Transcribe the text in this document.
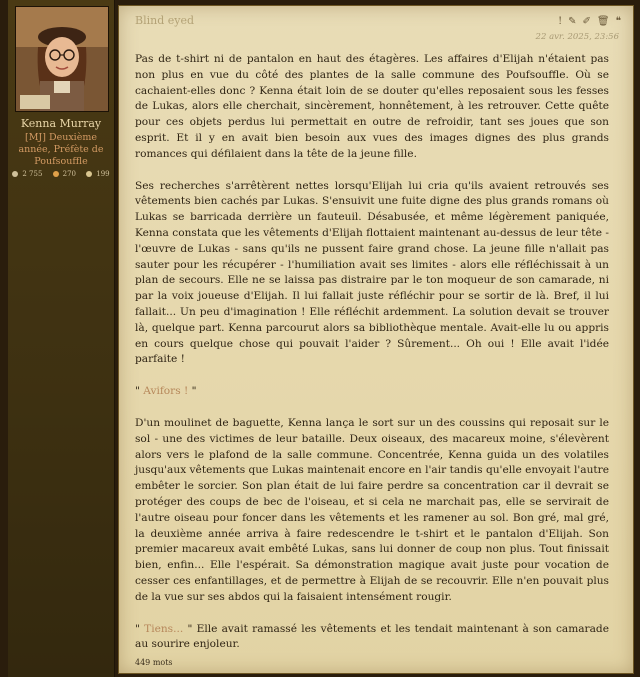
Kenna Murray
[MJ] Deuxième année, Préfète de Poufsouffle
2 755	270	199
Blind eyed	! ✎ ✐ 🗑 ❝
22 avr. 2025, 23:56

Pas de t-shirt ni de pantalon en haut des étagères. Les affaires d'Elijah n'étaient pas non plus en vue du côté des plantes de la salle commune des Poufsouffle. Où se cachaient-elles donc ? Kenna était loin de se douter qu'elles reposaient sous les fesses de Lukas, alors elle cherchait, sincèrement, honnêtement, à les retrouver. Cette quête pour ces objets perdus lui permettait en outre de refroidir, tant ses joues que son esprit. Et il y en avait bien besoin aux vues des images dignes des plus grands romances qui défilaient dans la tête de la jeune fille.

Ses recherches s'arrêtèrent nettes lorsqu'Elijah lui cria qu'ils avaient retrouvés ses vêtements bien cachés par Lukas. S'ensuivit une fuite digne des plus grands romans où Lukas se barricada derrière un fauteuil. Désabusée, et même légèrement paniquée, Kenna constata que les vêtements d'Elijah flottaient maintenant au-dessus de leur tête - l'œuvre de Lukas - sans qu'ils ne pussent faire grand chose. La jeune fille n'allait pas sauter pour les récupérer - l'humiliation avait ses limites - alors elle réfléchissait à un plan de secours. Elle ne se laissa pas distraire par le ton moqueur de son camarade, ni par la voix joueuse d'Elijah. Il lui fallait juste réfléchir pour se sortir de là. Bref, il lui fallait... Un peu d'imagination ! Elle réfléchit ardemment. La solution devait se trouver là, quelque part. Kenna parcourut alors sa bibliothèque mentale. Avait-elle lu ou appris en cours quelque chose qui pouvait l'aider ? Sûrement... Oh oui ! Elle avait l'idée parfaite !

" Avifors ! "

D'un moulinet de baguette, Kenna lança le sort sur un des coussins qui reposait sur le sol - une des victimes de leur bataille. Deux oiseaux, des macareux moine, s'élevèrent alors vers le plafond de la salle commune. Concentrée, Kenna guida un des volatiles jusqu'aux vêtements que Lukas maintenait encore en l'air tandis qu'elle envoyait l'autre embêter le sorcier. Son plan était de lui faire perdre sa concentration car il devrait se protéger des coups de bec de l'oiseau, et si cela ne marchait pas, elle se servirait de l'autre oiseau pour foncer dans les vêtements et les ramener au sol. Bon gré, mal gré, la deuxième année arriva à faire redescendre le t-shirt et le pantalon d'Elijah. Son premier macareux avait embêté Lukas, sans lui donner de coup non plus. Tout finissait bien, enfin... Elle l'espérait. Sa démonstration magique avait juste pour vocation de cesser ces enfantillages, et de permettre à Elijah de se recouvrir. Elle n'en pouvait plus de la vue sur ses abdos qui la faisaient intensément rougir.

" Tiens... " Elle avait ramassé les vêtements et les tendait maintenant à son camarade au sourire enjoleur.
449 mots
